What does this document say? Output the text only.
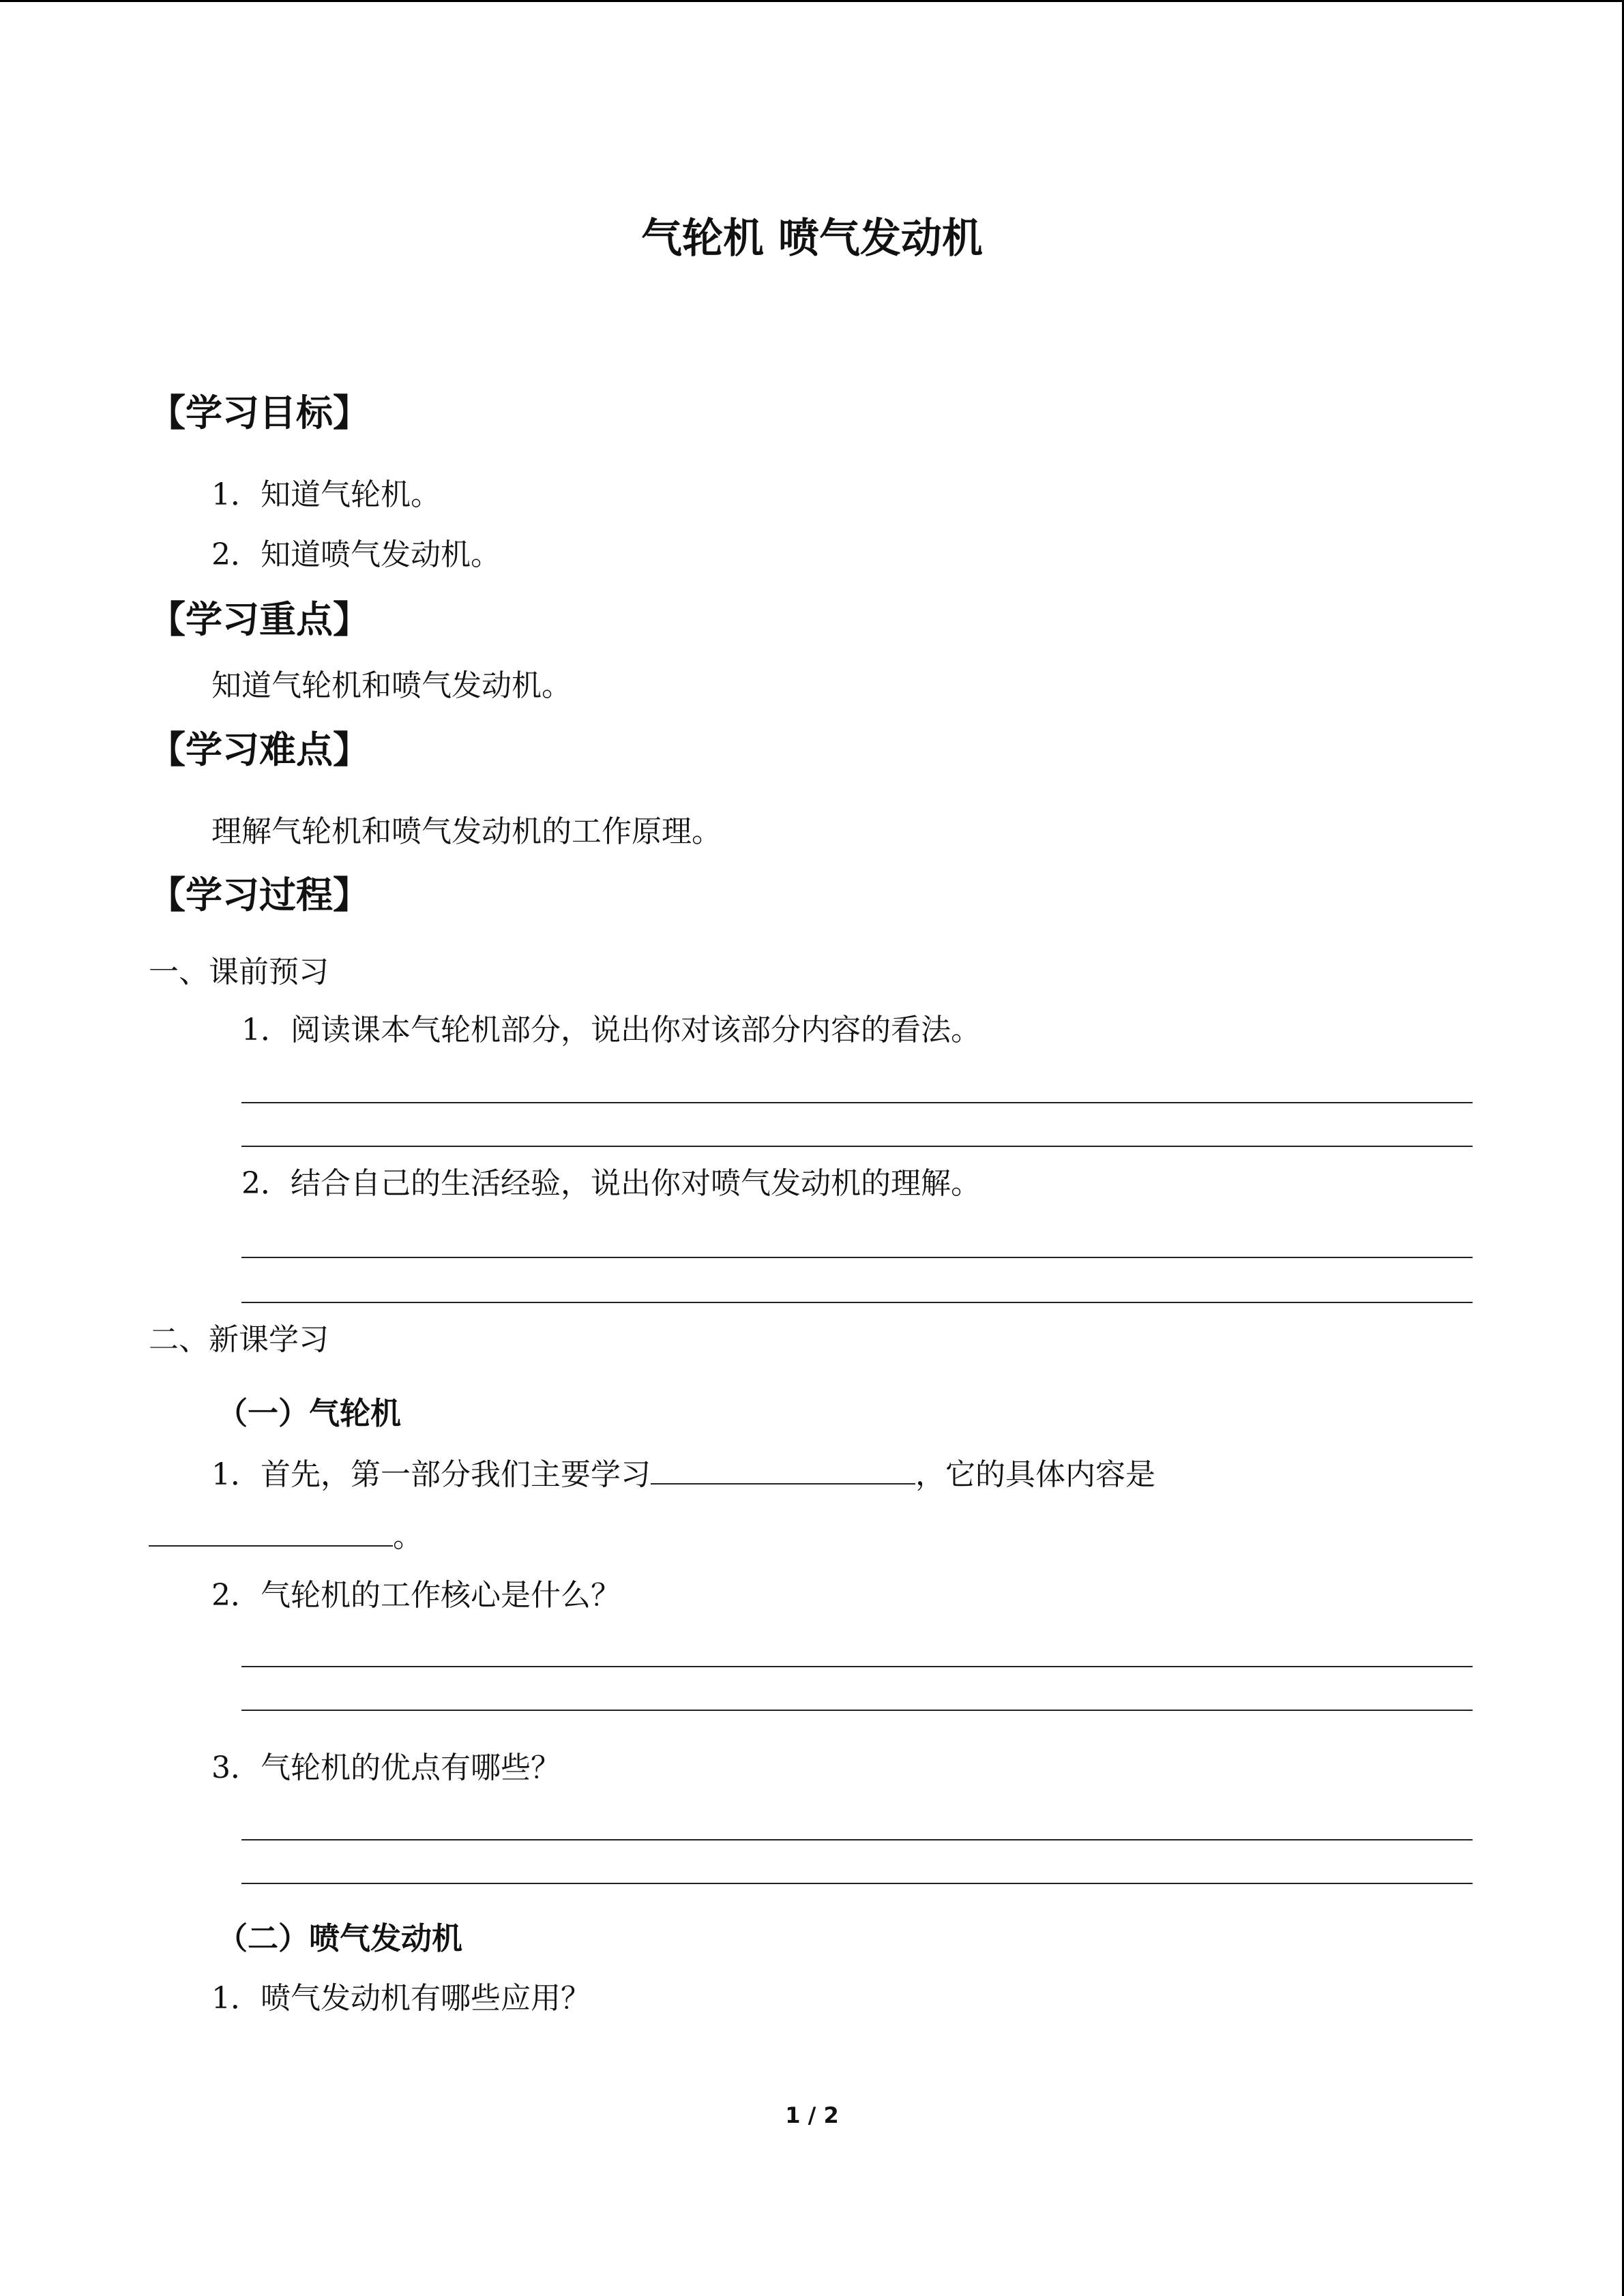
气轮机 喷气发动机
【学习目标】
1．知道气轮机。
2．知道喷气发动机。
【学习重点】
知道气轮机和喷气发动机。
【学习难点】
理解气轮机和喷气发动机的工作原理。
【学习过程】
一、课前预习
1．阅读课本气轮机部分，说出你对该部分内容的看法。
2．结合自己的生活经验，说出你对喷气发动机的理解。
二、新课学习
（一）气轮机
1．首先，第一部分我们主要学习	，它的具体内容是
。
2．气轮机的工作核心是什么？
3．气轮机的优点有哪些？
（二）喷气发动机
1．喷气发动机有哪些应用？
1 / 2
